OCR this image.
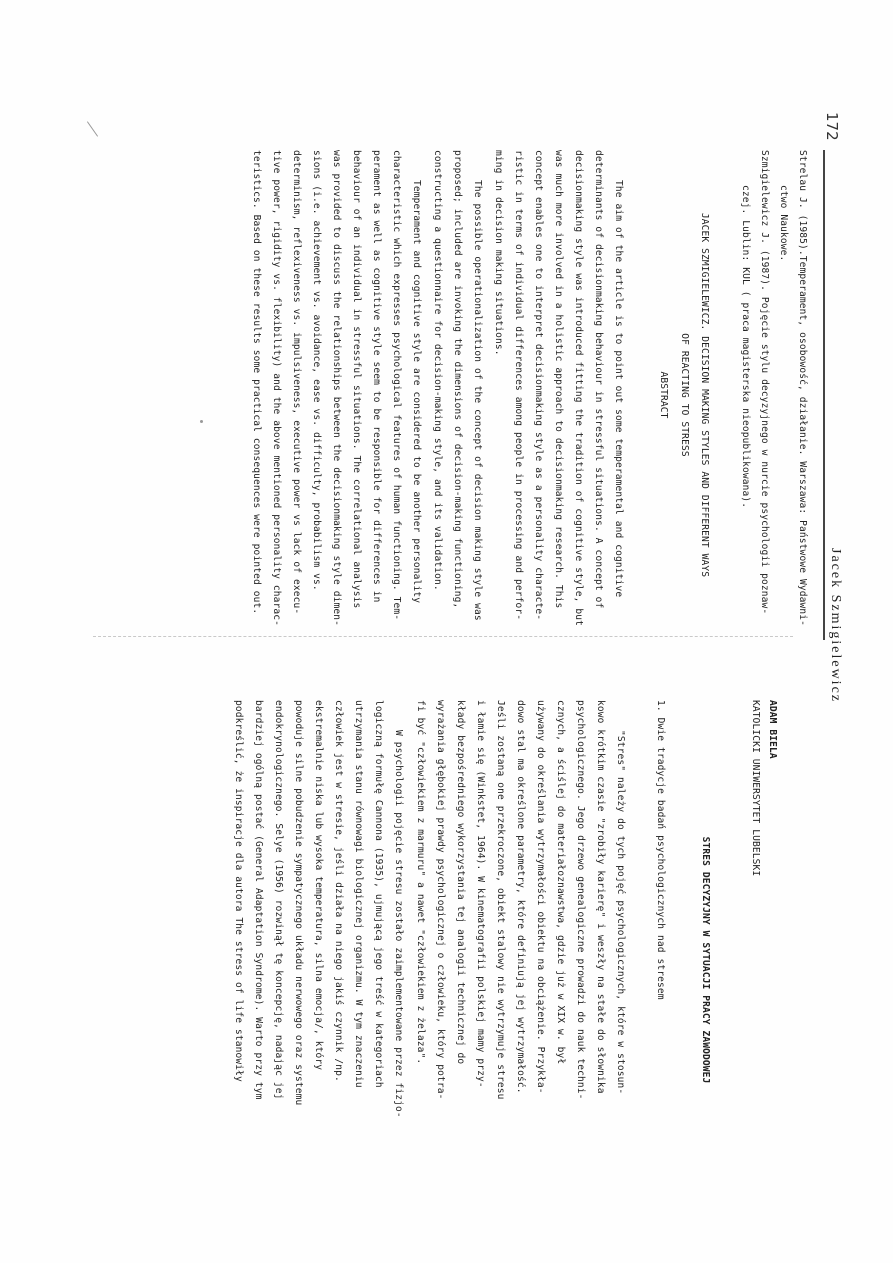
172
Jacek Szmigielewicz
Strelau J. (1985).Temperament, osobowość, działanie. Warszawa: Państwowe Wydawni-
ctwo Naukowe.
Szmigielewicz J. (1987). Pojęcie stylu decyzyjnego w nurcie psychologii poznaw-
czej. Lublin: KUL ( praca magisterska nieopublikowana).
JACEK SZMIGIELEWICZ. DECISION MAKING STYLES AND DIFFERENT WAYS
OF REACTING TO STRESS
ABSTRACT
The aim of the article is to point out some temperamental and cognitive
determinants of decisionmaking behaviour in stressful situations. A concept of
decisionmaking style was introduced fitting the tradition of cognitive style, but
was much more involved in a holistic approach to decisionmaking research. This
concept enables one to interpret decisionmaking style as a personality characte-
ristic in terms of individual differences among people in processing and perfor-
ming in decision making situations.
The possible operationalization of the concept of decision making style was
proposed; included are invoking the dimensions of decision-making functioning,
constructing a questionnaire for decision-making style, and its validation.
Temperament and cognitive style are considered to be another personality
characteristic which expresses psychological features of human functioning. Tem-
perament as well as cognitive style seem to be responsible for differences in
behaviour of an individual in stressful situations. The correlational analysis
was provided to discuss the relationships between the decisionmaking style dimen-
sions (i.e. achievement vs. avoidance, ease vs. difficulty, probabilism vs.
determinism, reflexiveness vs. impulsiveness, executive power vs lack of execu-
tive power, rigidity vs. flexibility) and the above mentioned personality charac-
teristics. Based on these results some practical consequences were pointed out.
ADAM BIELA
KATOLICKI UNIWERSYTET LUBELSKI
STRES DECYZYJNY W SYTUACJI PRACY ZAWODOWEJ
1. Dwie tradycje badań psychologicznych nad stresem
"Stres" należy do tych pojęć psychologicznych, które w stosun-
kowo krótkim czasie "zrobiły karierę" i weszły na stałe do słownika
psychologicznego. Jego drzewo genealogiczne prowadzi do nauk techni-
cznych, a ściślej do materiałoznawstwa, gdzie już w XIX w. był
używany do określania wytrzymałości obiektu na obciążenie. Przykła-
dowo stal ma określone parametry, które definiują jej wytrzymałość.
Jeśli zostaną one przekroczone, obiekt stalowy nie wytrzymuje stresu
i łamie się (Winkstet, 1964). W kinematografii polskiej mamy przy-
kłady bezpośredniego wykorzystania tej analogii technicznej do
wyrażania głębokiej prawdy psychologicznej o człowieku, który potra-
fi być "człowiekiem z marmuru" a nawet "człowiekiem z żelaza".
W psychologii pojęcie stresu zostało zaimplementowane przez fizjo-
logiczną formułę Cannona (1935), ujmującą jego treść w kategoriach
utrzymania stanu równowagi biologicznej organizmu. W tym znaczeniu
człowiek jest w stresie, jeśli działa na niego jakiś czynnik /np.
ekstremalnie niska lub wysoka temperatura, silna emocja/, który
powoduje silne pobudzenie sympatycznego układu nerwowego oraz systemu
endokrynologicznego. Selye (1956) rozwinął tę koncepcję, nadając jej
bardziej ogólną postać (General Adaptation Syndrome). Warto przy tym
podkreślić, że inspiracje dla autora The stress of life stanowiły
